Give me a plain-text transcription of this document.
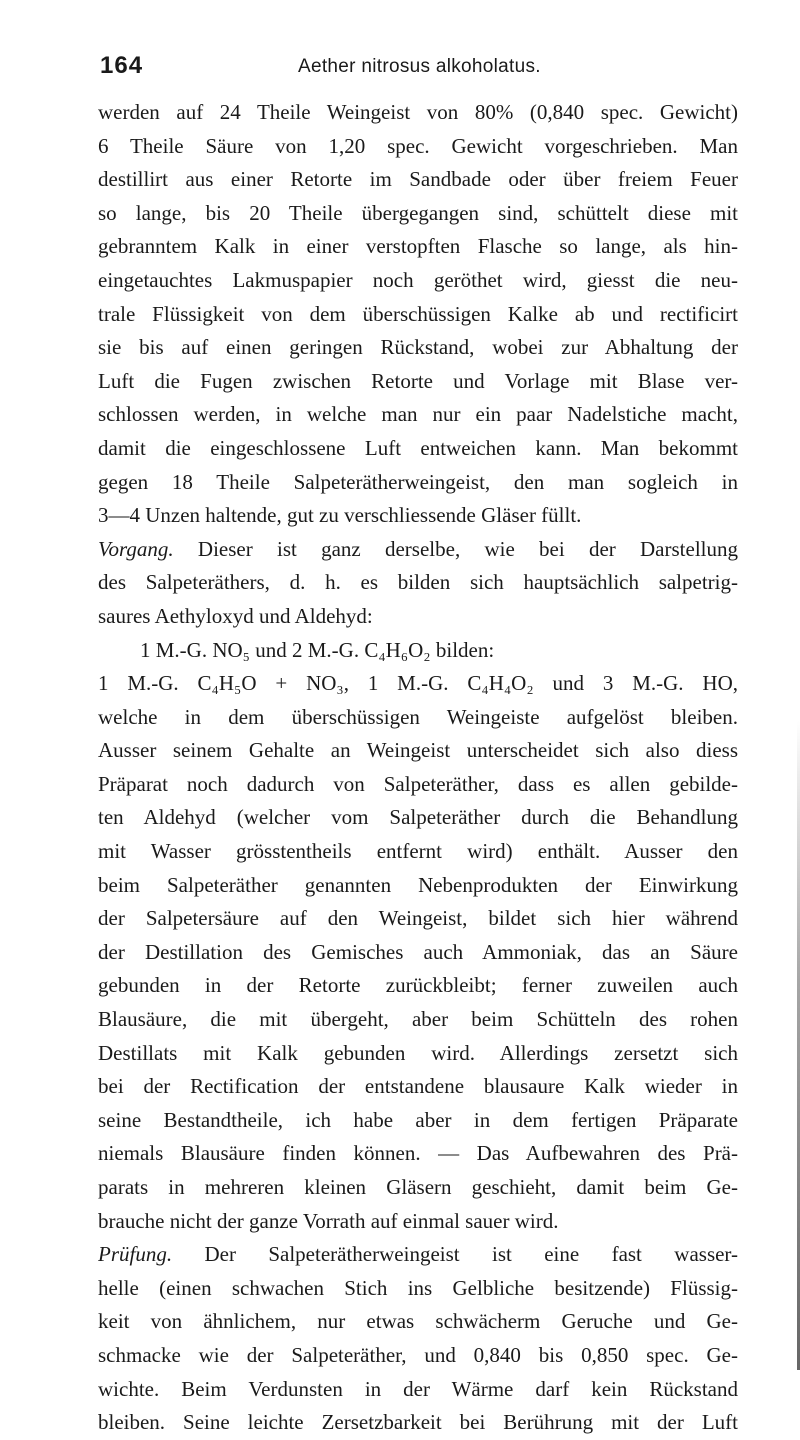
164	Aether nitrosus alkoholatus.
werden auf 24 Theile Weingeist von 80% (0,840 spec. Gewicht)
6 Theile Säure von 1,20 spec. Gewicht vorgeschrieben. Man
destillirt aus einer Retorte im Sandbade oder über freiem Feuer
so lange, bis 20 Theile übergegangen sind, schüttelt diese mit
gebranntem Kalk in einer verstopften Flasche so lange, als hin-
eingetauchtes Lakmuspapier noch geröthet wird, giesst die neu-
trale Flüssigkeit von dem überschüssigen Kalke ab und rectificirt
sie bis auf einen geringen Rückstand, wobei zur Abhaltung der
Luft die Fugen zwischen Retorte und Vorlage mit Blase ver-
schlossen werden, in welche man nur ein paar Nadelstiche macht,
damit die eingeschlossene Luft entweichen kann. Man bekommt
gegen 18 Theile Salpeterätherweingeist, den man sogleich in
3—4 Unzen haltende, gut zu verschliessende Gläser füllt.
Vorgang. Dieser ist ganz derselbe, wie bei der Darstellung
des Salpeteräthers, d. h. es bilden sich hauptsächlich salpetrig-
saures Aethyloxyd und Aldehyd:
1 M.-G. NO₅ und 2 M.-G. C₄H₆O₂ bilden:
1 M.-G. C₄H₅O + NO₃, 1 M.-G. C₄H₄O₂ und 3 M.-G. HO,
welche in dem überschüssigen Weingeiste aufgelöst bleiben.
Ausser seinem Gehalte an Weingeist unterscheidet sich also diess
Präparat noch dadurch von Salpeteräther, dass es allen gebilde-
ten Aldehyd (welcher vom Salpeteräther durch die Behandlung
mit Wasser grösstentheils entfernt wird) enthält. Ausser den
beim Salpeteräther genannten Nebenprodukten der Einwirkung
der Salpetersäure auf den Weingeist, bildet sich hier während
der Destillation des Gemisches auch Ammoniak, das an Säure
gebunden in der Retorte zurückbleibt; ferner zuweilen auch
Blausäure, die mit übergeht, aber beim Schütteln des rohen
Destillats mit Kalk gebunden wird. Allerdings zersetzt sich
bei der Rectification der entstandene blausaure Kalk wieder in
seine Bestandtheile, ich habe aber in dem fertigen Präparate
niemals Blausäure finden können. — Das Aufbewahren des Prä-
parats in mehreren kleinen Gläsern geschieht, damit beim Ge-
brauche nicht der ganze Vorrath auf einmal sauer wird.
Prüfung. Der Salpeterätherweingeist ist eine fast wasser-
helle (einen schwachen Stich ins Gelbliche besitzende) Flüssig-
keit von ähnlichem, nur etwas schwächerm Geruche und Ge-
schmacke wie der Salpeteräther, und 0,840 bis 0,850 spec. Ge-
wichte. Beim Verdunsten in der Wärme darf kein Rückstand
bleiben. Seine leichte Zersetzbarkeit bei Berührung mit der Luft
